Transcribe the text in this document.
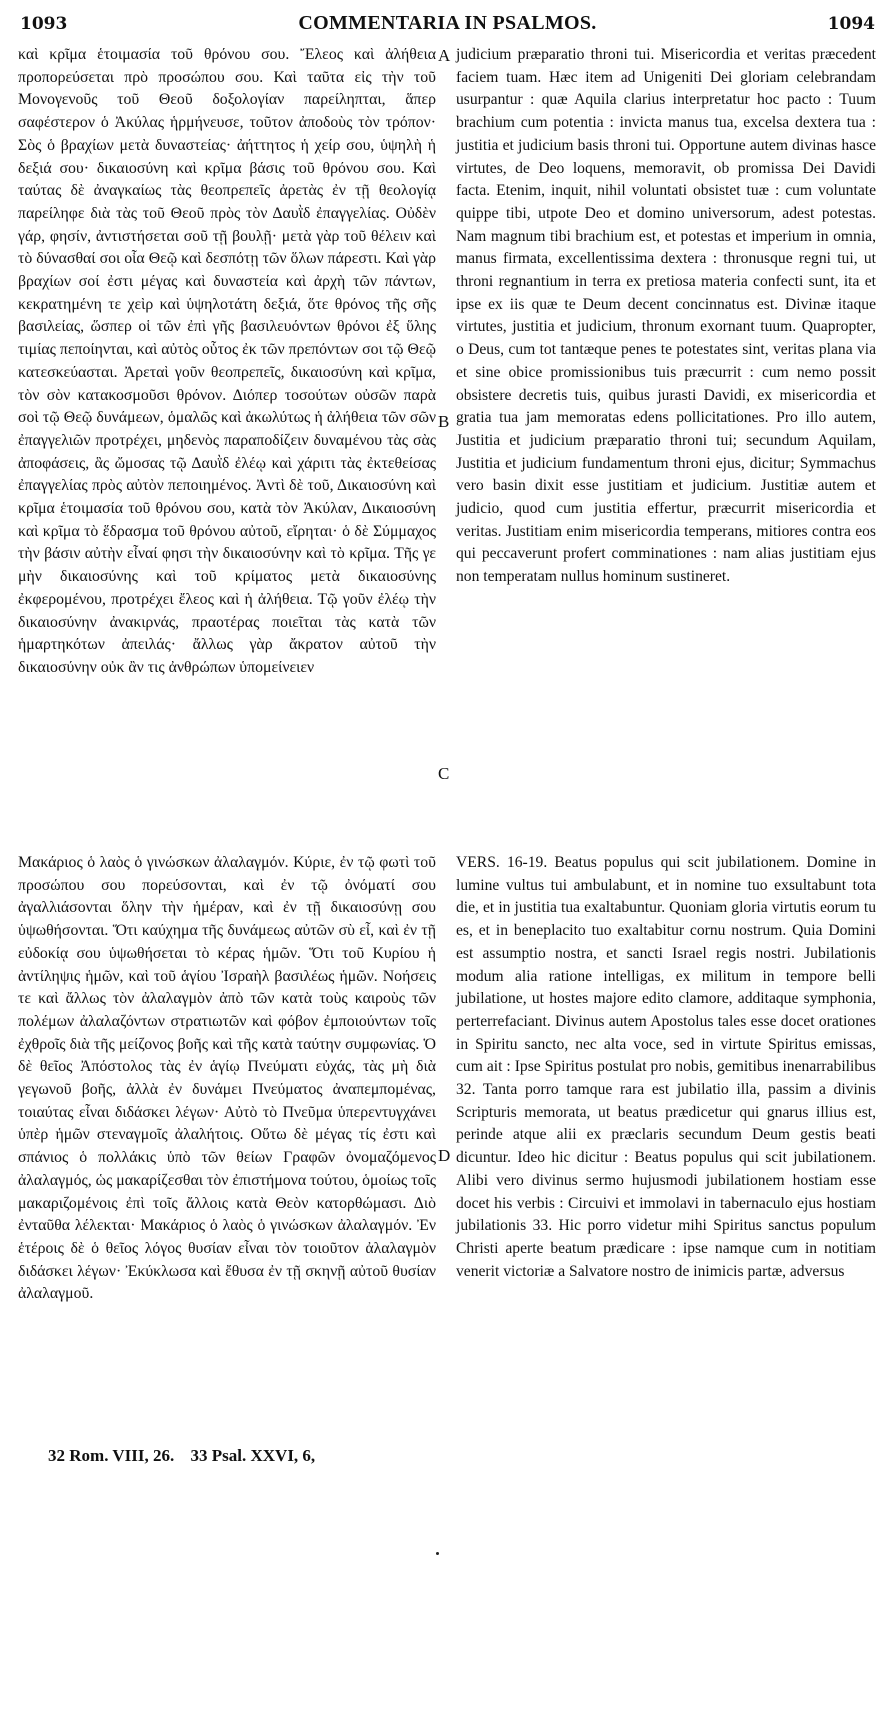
1093	COMMENTARIA IN PSALMOS.	1094

καὶ κρῖμα ἑτοιμασία τοῦ θρόνου σου. Ἔλεος καὶ ἀλήθεια προπορεύσεται πρὸ προσώπου σου. Καὶ ταῦτα εἰς τὴν τοῦ Μονογενοῦς τοῦ Θεοῦ δοξολογίαν παρείληπται, ἅπερ σαφέστερον ὁ Ἀκύλας ἡρμήνευσε, τοῦτον ἀποδοὺς τὸν τρόπον· Σὸς ὁ βραχίων μετὰ δυναστείας· ἀήττητος ἡ χείρ σου, ὑψηλὴ ἡ δεξιά σου· δικαιοσύνη καὶ κρῖμα βάσις τοῦ θρόνου σου. Καὶ ταύτας δὲ ἀναγκαίως τὰς θεοπρεπεῖς ἀρετὰς ἐν τῇ θεολογίᾳ παρείληφε διὰ τὰς τοῦ Θεοῦ πρὸς τὸν Δαυῒδ ἐπαγγελίας. Οὐδὲν γάρ, φησίν, ἀντιστήσεται σοῦ τῇ βουλῇ· μετὰ γὰρ τοῦ θέλειν καὶ τὸ δύνασθαί σοι οἷα Θεῷ καὶ δεσπότῃ τῶν ὅλων πάρεστι. Καὶ γὰρ βραχίων σοί ἐστι μέγας καὶ δυναστεία καὶ ἀρχὴ τῶν πάντων, κεκρατημένη τε χεὶρ καὶ ὑψηλοτάτη δεξιά, ὅτε θρόνος τῆς σῆς βασιλείας, ὥσπερ οἱ τῶν ἐπὶ γῆς βασιλευόντων θρόνοι ἐξ ὕλης τιμίας πεποίηνται, καὶ αὐτὸς οὗτος ἐκ τῶν πρεπόντων σοι τῷ Θεῷ κατεσκεύασται. Ἀρεταὶ γοῦν θεοπρεπεῖς, δικαιοσύνη καὶ κρῖμα, τὸν σὸν κατακοσμοῦσι θρόνον. Διόπερ τοσούτων οὐσῶν παρὰ σοὶ τῷ Θεῷ δυνάμεων, ὁμαλῶς καὶ ἀκωλύτως ἡ ἀλήθεια τῶν σῶν ἐπαγγελιῶν προτρέχει, μηδενὸς παραποδίζειν δυναμένου τὰς σὰς ἀποφάσεις, ἃς ὤμοσας τῷ Δαυῒδ ἐλέῳ καὶ χάριτι τὰς ἐκτεθείσας ἐπαγγελίας πρὸς αὐτὸν πεποιημένος. Ἀντὶ δὲ τοῦ, Δικαιοσύνη καὶ κρῖμα ἑτοιμασία τοῦ θρόνου σου, κατὰ τὸν Ἀκύλαν, Δικαιοσύνη καὶ κρῖμα τὸ ἕδρασμα τοῦ θρόνου αὐτοῦ, εἴρηται· ὁ δὲ Σύμμαχος τὴν βάσιν αὐτὴν εἶναί φησι τὴν δικαιοσύνην καὶ τὸ κρῖμα. Τῆς γε μὴν δικαιοσύνης καὶ τοῦ κρίματος μετὰ δικαιοσύνης ἐκφερομένου, προτρέχει ἔλεος καὶ ἡ ἀλήθεια. Τῷ γοῦν ἐλέῳ τὴν δικαιοσύνην ἀνακιρνάς, πραοτέρας ποιεῖται τὰς κατὰ τῶν ἡμαρτηκότων ἀπειλάς· ἄλλως γὰρ ἄκρατον αὐτοῦ τὴν δικαιοσύνην οὐκ ἂν τις ἀνθρώπων ὑπομείνειεν

Μακάριος ὁ λαὸς ὁ γινώσκων ἀλαλαγμόν. Κύριε, ἐν τῷ φωτὶ τοῦ προσώπου σου πορεύσονται, καὶ ἐν τῷ ὀνόματί σου ἀγαλλιάσονται ὅλην τὴν ἡμέραν, καὶ ἐν τῇ δικαιοσύνῃ σου ὑψωθήσονται. Ὅτι καύχημα τῆς δυνάμεως αὐτῶν σὺ εἶ, καὶ ἐν τῇ εὐδοκίᾳ σου ὑψωθήσεται τὸ κέρας ἡμῶν. Ὅτι τοῦ Κυρίου ἡ ἀντίληψις ἡμῶν, καὶ τοῦ ἁγίου Ἰσραὴλ βασιλέως ἡμῶν. Νοήσεις τε καὶ ἄλλως τὸν ἀλαλαγμὸν ἀπὸ τῶν κατὰ τοὺς καιροὺς τῶν πολέμων ἀλαλαζόντων στρατιωτῶν καὶ φόβον ἐμποιούντων τοῖς ἐχθροῖς διὰ τῆς μείζονος βοῆς καὶ τῆς κατὰ ταύτην συμφωνίας. Ὁ δὲ θεῖος Ἀπόστολος τὰς ἐν ἁγίῳ Πνεύματι εὐχάς, τὰς μὴ διὰ γεγωνοῦ βοῆς, ἀλλὰ ἐν δυνάμει Πνεύματος ἀναπεμπομένας, τοιαύτας εἶναι διδάσκει λέγων· Αὐτὸ τὸ Πνεῦμα ὑπερεντυγχάνει ὑπὲρ ἡμῶν στεναγμοῖς ἀλαλήτοις. Οὕτω δὲ μέγας τίς ἐστι καὶ σπάνιος ὁ πολλάκις ὑπὸ τῶν θείων Γραφῶν ὀνομαζόμενος ἀλαλαγμός, ὡς μακαρίζεσθαι τὸν ἐπιστήμονα τούτου, ὁμοίως τοῖς μακαριζομένοις ἐπὶ τοῖς ἄλλοις κατὰ Θεὸν κατορθώμασι. Διὸ ἐνταῦθα λέλεκται· Μακάριος ὁ λαὸς ὁ γινώσκων ἀλαλαγμόν. Ἐν ἑτέροις δὲ ὁ θεῖος λόγος θυσίαν εἶναι τὸν τοιοῦτον ἀλαλαγμὸν διδάσκει λέγων· Ἐκύκλωσα καὶ ἔθυσα ἐν τῇ σκηνῇ αὐτοῦ θυσίαν ἀλαλαγμοῦ.

judicium præparatio throni tui. Misericordia et veritas præcedent faciem tuam. Hæc item ad Unigeniti Dei gloriam celebrandam usurpantur : quæ Aquila clarius interpretatur hoc pacto : Tuum brachium cum potentia : invicta manus tua, excelsa dextera tua : justitia et judicium basis throni tui. Opportune autem divinas hasce virtutes, de Deo loquens, memoravit, ob promissa Dei Davidi facta. Etenim, inquit, nihil voluntati obsistet tuæ : cum voluntate quippe tibi, utpote Deo et domino universorum, adest potestas. Nam magnum tibi brachium est, et potestas et imperium in omnia, manus firmata, excellentissima dextera : thronusque regni tui, ut throni regnantium in terra ex pretiosa materia confecti sunt, ita et ipse ex iis quæ te Deum decent concinnatus est. Divinæ itaque virtutes, justitia et judicium, thronum exornant tuum. Quapropter, o Deus, cum tot tantæque penes te potestates sint, veritas plana via et sine obice promissionibus tuis præcurrit : cum nemo possit obsistere decretis tuis, quibus jurasti Davidi, ex misericordia et gratia tua jam memoratas edens pollicitationes. Pro illo autem, Justitia et judicium præparatio throni tui; secundum Aquilam, Justitia et judicium fundamentum throni ejus, dicitur; Symmachus vero basin dixit esse justitiam et judicium. Justitiæ autem et judicio, quod cum justitia effertur, præcurrit misericordia et veritas. Justitiam enim misericordia temperans, mitiores contra eos qui peccaverunt profert comminationes : nam alias justitiam ejus non temperatam nullus hominum sustineret.

VERS. 16-19. Beatus populus qui scit jubilationem. Domine in lumine vultus tui ambulabunt, et in nomine tuo exsultabunt tota die, et in justitia tua exaltabuntur. Quoniam gloria virtutis eorum tu es, et in beneplacito tuo exaltabitur cornu nostrum. Quia Domini est assumptio nostra, et sancti Israel regis nostri. Jubilationis modum alia ratione intelligas, ex militum in tempore belli jubilatione, ut hostes majore edito clamore, additaque symphonia, perterrefaciant. Divinus autem Apostolus tales esse docet orationes in Spiritu sancto, nec alta voce, sed in virtute Spiritus emissas, cum ait : Ipse Spiritus postulat pro nobis, gemitibus inenarrabilibus 32. Tanta porro tamque rara est jubilatio illa, passim a divinis Scripturis memorata, ut beatus prædicetur qui gnarus illius est, perinde atque alii ex præclaris secundum Deum gestis beati dicuntur. Ideo hic dicitur : Beatus populus qui scit jubilationem. Alibi vero divinus sermo hujusmodi jubilationem hostiam esse docet his verbis : Circuivi et immolavi in tabernaculo ejus hostiam jubilationis 33. Hic porro videtur mihi Spiritus sanctus populum Christi aperte beatum prædicare : ipse namque cum in notitiam venerit victoriæ a Salvatore nostro de inimicis partæ, adversus

A
B
C
D
32 Rom. VIII, 26. 33 Psal. XXVI, 6,
